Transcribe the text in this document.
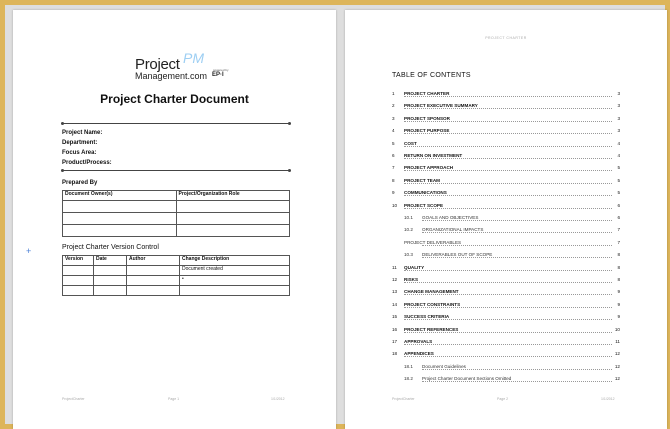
Project PM
Management.com
powered by
EP·I
Project Charter Document
Project Name:
Department:
Focus Area:
Product/Process:
Prepared By
Document Owner(s)	Project/Organization Role

+	Project Charter Version Control
Version	Date	Author	Change Description
			Document created
			•

ProjectCharter	Page 1	1/1/2012
PROJECT CHARTER
TABLE OF CONTENTS
1 PROJECT CHARTER	3
2 PROJECT EXECUTIVE SUMMARY	3
3 PROJECT SPONSOR	3
4 PROJECT PURPOSE	3
5 COST	4
6 RETURN ON INVESTMENT	4
7 PROJECT APPROACH	5
8 PROJECT TEAM	5
9 COMMUNICATIONS	5
10 PROJECT SCOPE	6
10.1 GOALS AND OBJECTIVES	6
10.2 ORGANIZATIONAL IMPACTS	7
PROJECT DELIVERABLES	7
10.3 DELIVERABLES OUT OF SCOPE	8
11 QUALITY	8
12 RISKS	8
13 CHANGE MANAGEMENT	9
14 PROJECT CONSTRAINTS	9
15 SUCCESS CRITERIA	9
16 PROJECT REFERENCES	10
17 APPROVALS	11
18 APPENDICES	12
18.1 Document Guidelines	12
18.2 Project Charter Document Sections Omitted	12
ProjectCharter	Page 2	1/1/2012
